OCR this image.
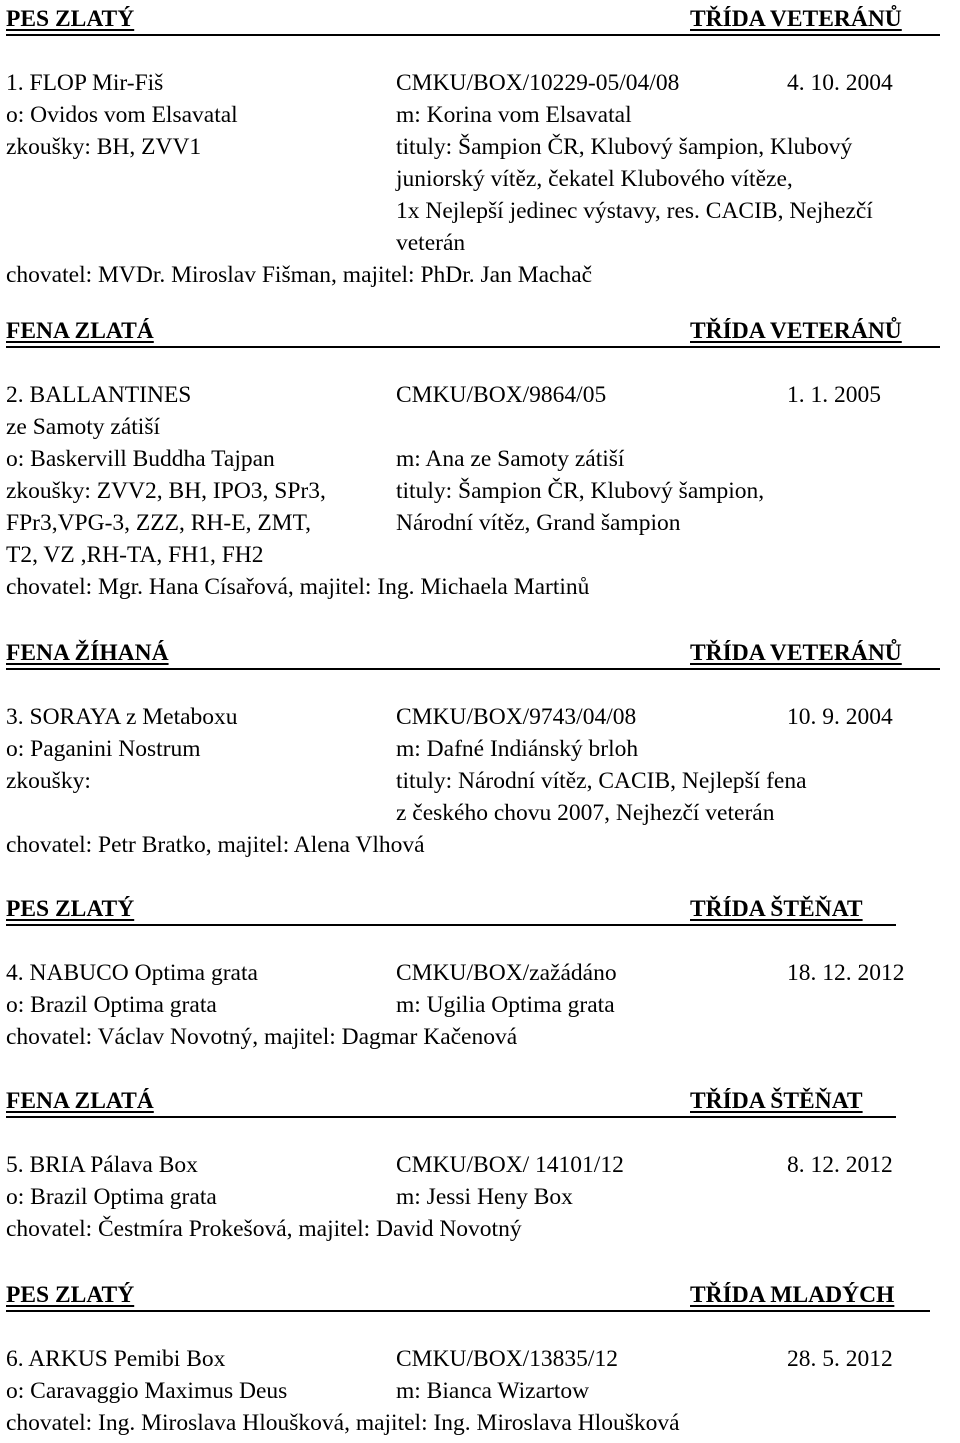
PES ZLATÝ	TŘÍDA VETERÁNŮ
1. FLOP Mir-Fiš	CMKU/BOX/10229-05/04/08	4. 10. 2004
o: Ovidos vom Elsavatal	m: Korina vom Elsavatal
zkoušky: BH, ZVV1	tituly: Šampion ČR, Klubový šampion, Klubový
juniorský vítěz, čekatel Klubového vítěze,
1x Nejlepší jedinec výstavy, res. CACIB, Nejhezčí
veterán
chovatel: MVDr. Miroslav Fišman, majitel: PhDr. Jan Machač
FENA ZLATÁ	TŘÍDA VETERÁNŮ
2. BALLANTINES	CMKU/BOX/9864/05	1. 1. 2005
ze Samoty zátiší
o: Baskervill Buddha Tajpan	m: Ana ze Samoty zátiší
zkoušky: ZVV2, BH, IPO3, SPr3,	tituly: Šampion ČR, Klubový šampion,
FPr3,VPG-3, ZZZ, RH-E, ZMT,	Národní vítěz, Grand šampion
T2, VZ ,RH-TA, FH1, FH2
chovatel: Mgr. Hana Císařová, majitel: Ing. Michaela Martinů
FENA ŽÍHANÁ	TŘÍDA VETERÁNŮ
3. SORAYA z Metaboxu	CMKU/BOX/9743/04/08	10. 9. 2004
o: Paganini Nostrum	m: Dafné Indiánský brloh
zkoušky:	tituly: Národní vítěz, CACIB, Nejlepší fena
z českého chovu 2007, Nejhezčí veterán
chovatel: Petr Bratko, majitel: Alena Vlhová
PES ZLATÝ	TŘÍDA ŠTĚŇAT
4. NABUCO Optima grata	CMKU/BOX/zažádáno	18. 12. 2012
o: Brazil Optima grata	m: Ugilia Optima grata
chovatel: Václav Novotný, majitel: Dagmar Kačenová
FENA ZLATÁ	TŘÍDA ŠTĚŇAT
5. BRIA Pálava Box	CMKU/BOX/ 14101/12	8. 12. 2012
o: Brazil Optima grata	m: Jessi Heny Box
chovatel: Čestmíra Prokešová, majitel: David Novotný
PES ZLATÝ	TŘÍDA MLADÝCH
6. ARKUS Pemibi Box	CMKU/BOX/13835/12	28. 5. 2012
o: Caravaggio Maximus Deus	m: Bianca Wizartow
chovatel: Ing. Miroslava Hloušková, majitel: Ing. Miroslava Hloušková
